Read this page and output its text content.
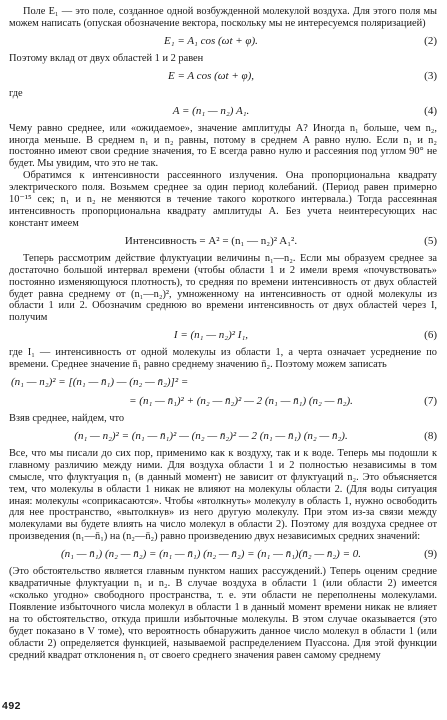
Поле E₁ — это поле, созданное одной возбужденной молекулой воздуха. Для этого поля мы можем написать (опуская обозначение вектора, поскольку мы не интересуемся поляризацией)

E₁ = A₁ cos (ωt + φ).	(2)

Поэтому вклад от двух областей 1 и 2 равен

E = A cos (ωt + φ),	(3)

где

A = (n₁ — n₂) A₁.	(4)

Чему равно среднее, или «ожидаемое», значение амплитуды A? Иногда n₁ больше, чем n₂, иногда меньше. В среднем n₁ и n₂ равны, потому в среднем A равно нулю. Если n₁ и n₂ постоянно имеют свои средние значения, то E всегда равно нулю и рассеяния под углом 90° не будет. Мы увидим, что это не так.

Обратимся к интенсивности рассеянного излучения. Она пропорциональна квадрату электрического поля. Возьмем среднее за один период колебаний. (Период равен примерно 10⁻¹⁵ сек; n₁ и n₂ не меняются в течение такого короткого интервала.) Тогда рассеянная интенсивность пропорциональна квадрату амплитуды A. Без учета неинтересующих нас констант имеем

Интенсивность = A² = (n₁ — n₂)² A₁².	(5)

Теперь рассмотрим действие флуктуации величины n₁—n₂. Если мы образуем среднее за достаточно большой интервал времени (чтобы области 1 и 2 имели время «почувствовать» постоянно изменяющуюся плотность), то средняя по времени интенсивность от двух областей будет равна среднему от (n₁—n₂)², умноженному на интенсивность от одной молекулы из области 1 или 2. Обозначим среднюю во времени интенсивность от двух областей через I, получим

I = (n₁ — n₂)² I₁,	(6)

где I₁ — интенсивность от одной молекулы из области 1, а черта означает усреднение по времени. Среднее значение n̄₁ равно среднему значению n̄₂. Поэтому можем записать

(n₁ — n₂)² = [(n₁ — n̄₁) — (n₂ — n̄₂)]² =
= (n₁ — n̄₁)² + (n₂ — n̄₂)² — 2 (n₁ — n̄₁) (n₂ — n̄₂).	(7)

Взяв среднее, найдем, что

(n₁ — n₂)² = (n₁ — n̄₁)² — (n₂ — n̄₂)² — 2 (n₁ — n̄₁) (n₂ — n̄₂).	(8)

Все, что мы писали до сих пор, применимо как к воздуху, так и к воде. Теперь мы подошли к главному различию между ними. Для воздуха области 1 и 2 полностью независимы в том смысле, что флуктуация n₁ (в данный момент) не зависит от флуктуаций n₂. Это объясняется тем, что молекулы в области 1 никак не влияют на молекулы области 2. (Для воды ситуация иная: молекулы «соприкасаются». Чтобы «втолкнуть» молекулу в область 1, нужно освободить для нее пространство, «вытолкнув» из него другую молекулу. При этом из-за связи между молекулами вы будете влиять на число молекул в области 2). Поэтому для воздуха среднее от произведения (n₁—n̄₁) на (n₂—n̄₂) равно произведению двух независимых средних значений:

(n₁ — n̄₁) (n₂ — n̄₂) = (n₁ — n̄₁) (n₂ — n̄₂) = (n₁ — n̄₁)(n̄₂ — n̄₂) = 0.	(9)

(Это обстоятельство является главным пунктом наших рассуждений.) Теперь оценим средние квадратичные флуктуации n₁ и n₂. В случае воздуха в области 1 (или области 2) имеется «сколько угодно» свободного пространства, т. е. эти области не переполнены молекулами. Появление избыточного числа молекул в области 1 в данный момент времени никак не влияет на то обстоятельство, откуда пришли избыточные молекулы. В этом случае оказывается (это будет показано в V томе), что вероятность обнаружить данное число молекул в области 1 (или области 2) определяется функцией, называемой распределением Пуассона. Для этой функции средний квадрат отклонения n₁ от своего среднего значения равен самому среднему

492
